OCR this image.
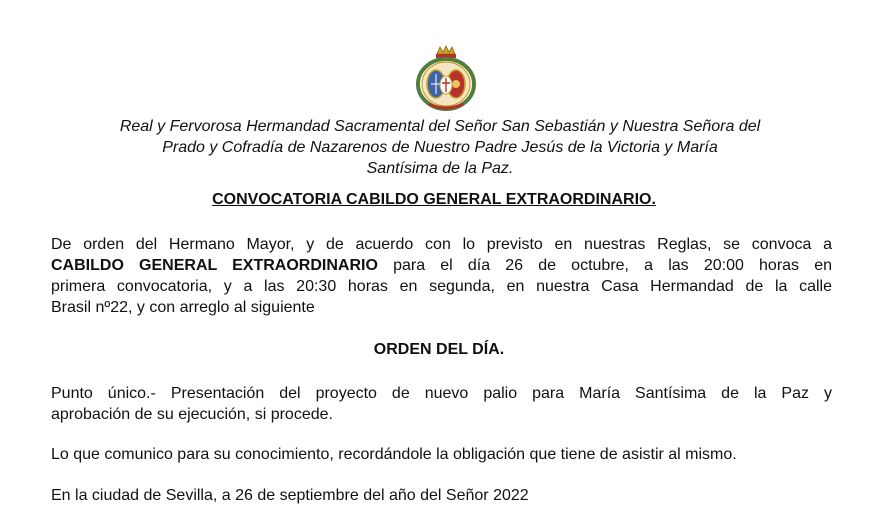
Real y Fervorosa Hermandad Sacramental del Señor San Sebastián y Nuestra Señora del
Prado y Cofradía de Nazarenos de Nuestro Padre Jesús de la Victoria y María
Santísima de la Paz.

CONVOCATORIA CABILDO GENERAL EXTRAORDINARIO.

De orden del Hermano Mayor, y de acuerdo con lo previsto en nuestras Reglas, se convoca a
CABILDO GENERAL EXTRAORDINARIO para el día 26 de octubre, a las 20:00 horas en
primera convocatoria, y a las 20:30 horas en segunda, en nuestra Casa Hermandad de la calle
Brasil nº22, y con arreglo al siguiente

ORDEN DEL DÍA.

Punto único.- Presentación del proyecto de nuevo palio para María Santísima de la Paz y
aprobación de su ejecución, si procede.

Lo que comunico para su conocimiento, recordándole la obligación que tiene de asistir al mismo.

En la ciudad de Sevilla, a 26 de septiembre del año del Señor 2022
